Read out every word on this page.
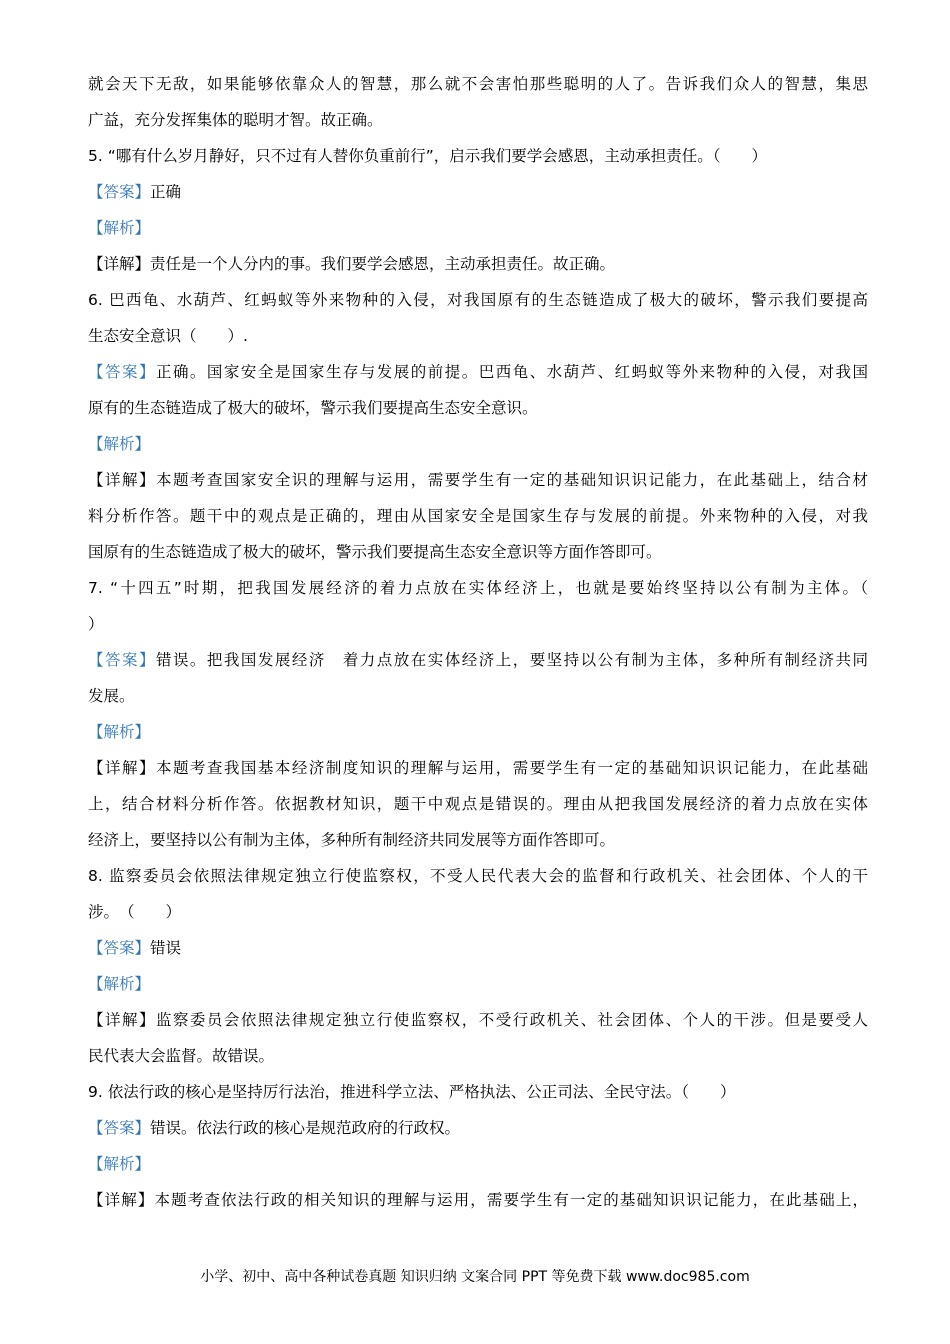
就会天下无敌，如果能够依靠众人的智慧，那么就不会害怕那些聪明的人了。告诉我们众人的智慧，集思
广益，充分发挥集体的聪明才智。故正确。
5. “哪有什么岁月静好，只不过有人替你负重前行”，启示我们要学会感恩，主动承担责任。（　　）
【答案】正确
【解析】
【详解】责任是一个人分内的事。我们要学会感恩，主动承担责任。故正确。
6. 巴西龟、水葫芦、红蚂蚁等外来物种的入侵，对我国原有的生态链造成了极大的破坏，警示我们要提高
生态安全意识（　　）.
【答案】正确。国家安全是国家生存与发展的前提。巴西龟、水葫芦、红蚂蚁等外来物种的入侵，对我国
原有的生态链造成了极大的破坏，警示我们要提高生态安全意识。
【解析】
【详解】本题考查国家安全识的理解与运用，需要学生有一定的基础知识识记能力，在此基础上，结合材
料分析作答。题干中的观点是正确的，理由从国家安全是国家生存与发展的前提。外来物种的入侵，对我
国原有的生态链造成了极大的破坏，警示我们要提高生态安全意识等方面作答即可。
7. “十四五”时期，把我国发展经济的着力点放在实体经济上，也就是要始终坚持以公有制为主体。（
）
【答案】错误。把我国发展经济　着力点放在实体经济上，要坚持以公有制为主体，多种所有制经济共同
发展。
【解析】
【详解】本题考查我国基本经济制度知识的理解与运用，需要学生有一定的基础知识识记能力，在此基础
上，结合材料分析作答。依据教材知识，题干中观点是错误的。理由从把我国发展经济的着力点放在实体
经济上，要坚持以公有制为主体，多种所有制经济共同发展等方面作答即可。
8. 监察委员会依照法律规定独立行使监察权，不受人民代表大会的监督和行政机关、社会团体、个人的干
涉。　（　　）
【答案】错误
【解析】
【详解】监察委员会依照法律规定独立行使监察权，不受行政机关、社会团体、个人的干涉。但是要受人
民代表大会监督。故错误。
9. 依法行政的核心是坚持厉行法治，推进科学立法、严格执法、公正司法、全民守法。（　　）
【答案】错误。依法行政的核心是规范政府的行政权。
【解析】
【详解】本题考查依法行政的相关知识的理解与运用，需要学生有一定的基础知识识记能力，在此基础上，
小学、初中、高中各种试卷真题 知识归纳 文案合同 PPT 等免费下载 www.doc985.com
